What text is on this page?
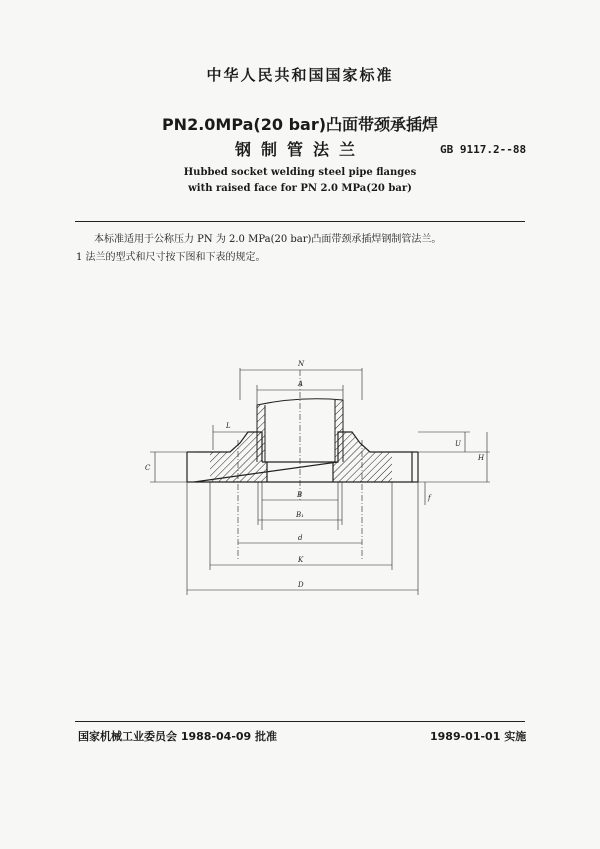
中华人民共和国国家标准
PN2.0MPa(20 bar)凸面带颈承插焊
钢制管法兰	GB 9117.2--88
Hubbed socket welding steel pipe flanges
with raised face for PN 2.0 MPa(20 bar)
本标准适用于公称压力 PN 为 2.0 MPa(20 bar)凸面带颈承插焊钢制管法兰。
1 法兰的型式和尺寸按下图和下表的规定。
N
A
L
C
U
H
f
B
B₁
d
K
D
国家机械工业委员会 1988-04-09 批准	1989-01-01 实施
